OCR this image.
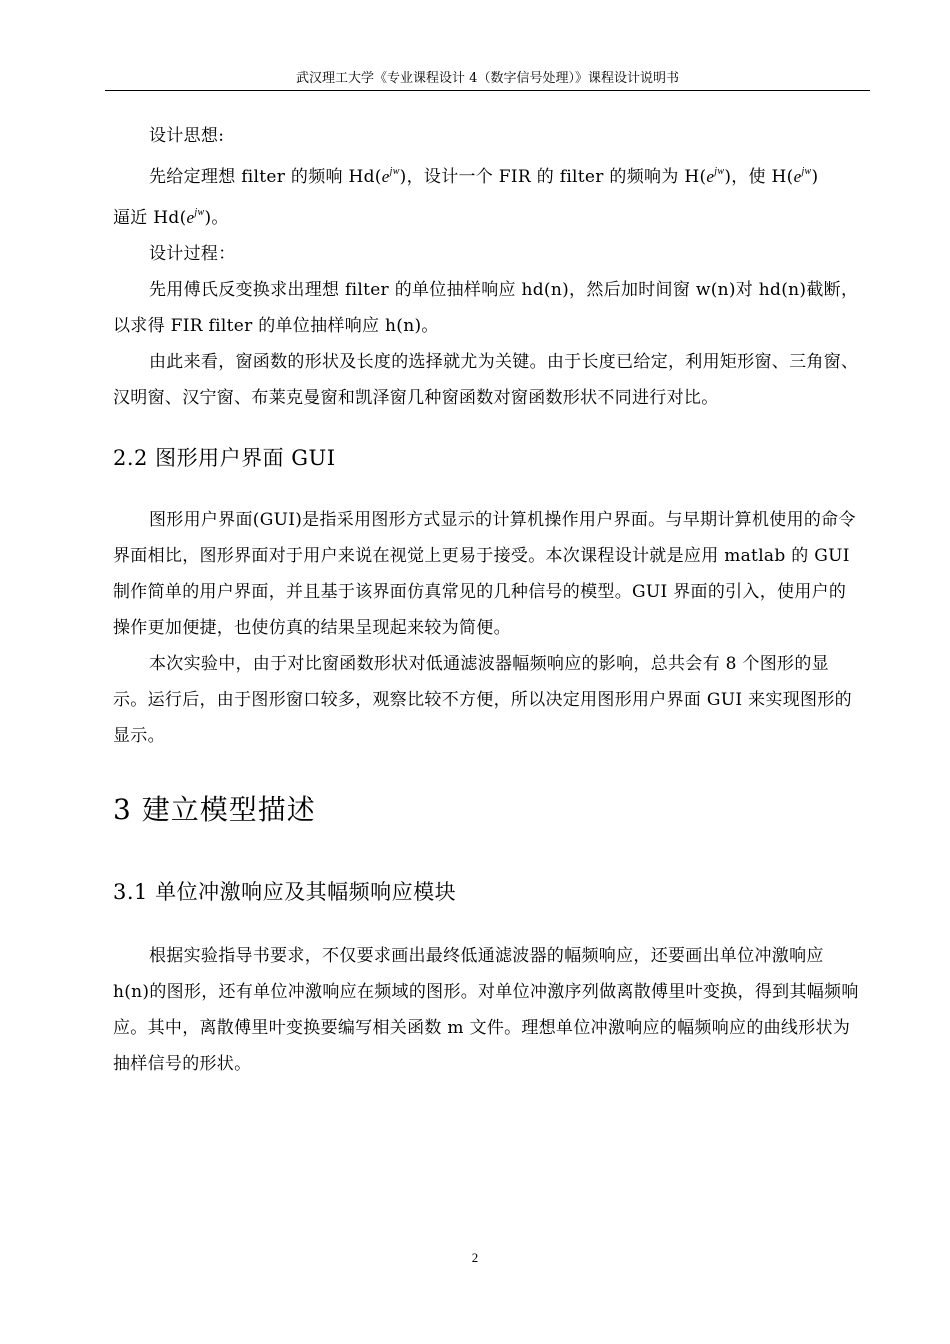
武汉理工大学《专业课程设计 4（数字信号处理）》课程设计说明书

设计思想:

先给定理想 filter 的频响 $Hd(e^{jw})$，设计一个 FIR 的 filter 的频响为 $H(e^{jw})$，使 $H(e^{jw})$

逼近 $Hd(e^{jw})$。

设计过程：

先用傅氏反变换求出理想 filter 的单位抽样响应 hd(n)，然后加时间窗 w(n)对 hd(n)截断，以求得 FIR filter 的单位抽样响应 h(n)。

由此来看，窗函数的形状及长度的选择就尤为关键。由于长度已给定，利用矩形窗、三角窗、汉明窗、汉宁窗、布莱克曼窗和凯泽窗几种窗函数对窗函数形状不同进行对比。

2.2 图形用户界面 GUI

图形用户界面(GUI)是指采用图形方式显示的计算机操作用户界面。与早期计算机使用的命令界面相比，图形界面对于用户来说在视觉上更易于接受。本次课程设计就是应用 matlab 的 GUI 制作简单的用户界面，并且基于该界面仿真常见的几种信号的模型。GUI 界面的引入，使用户的操作更加便捷，也使仿真的结果呈现起来较为简便。

本次实验中，由于对比窗函数形状对低通滤波器幅频响应的影响，总共会有 8 个图形的显示。运行后，由于图形窗口较多，观察比较不方便，所以决定用图形用户界面 GUI 来实现图形的显示。

3 建立模型描述
3.1 单位冲激响应及其幅频响应模块

根据实验指导书要求，不仅要求画出最终低通滤波器的幅频响应，还要画出单位冲激响应 h(n)的图形，还有单位冲激响应在频域的图形。对单位冲激序列做离散傅里叶变换，得到其幅频响应。其中，离散傅里叶变换要编写相关函数 m 文件。理想单位冲激响应的幅频响应的曲线形状为抽样信号的形状。

2
